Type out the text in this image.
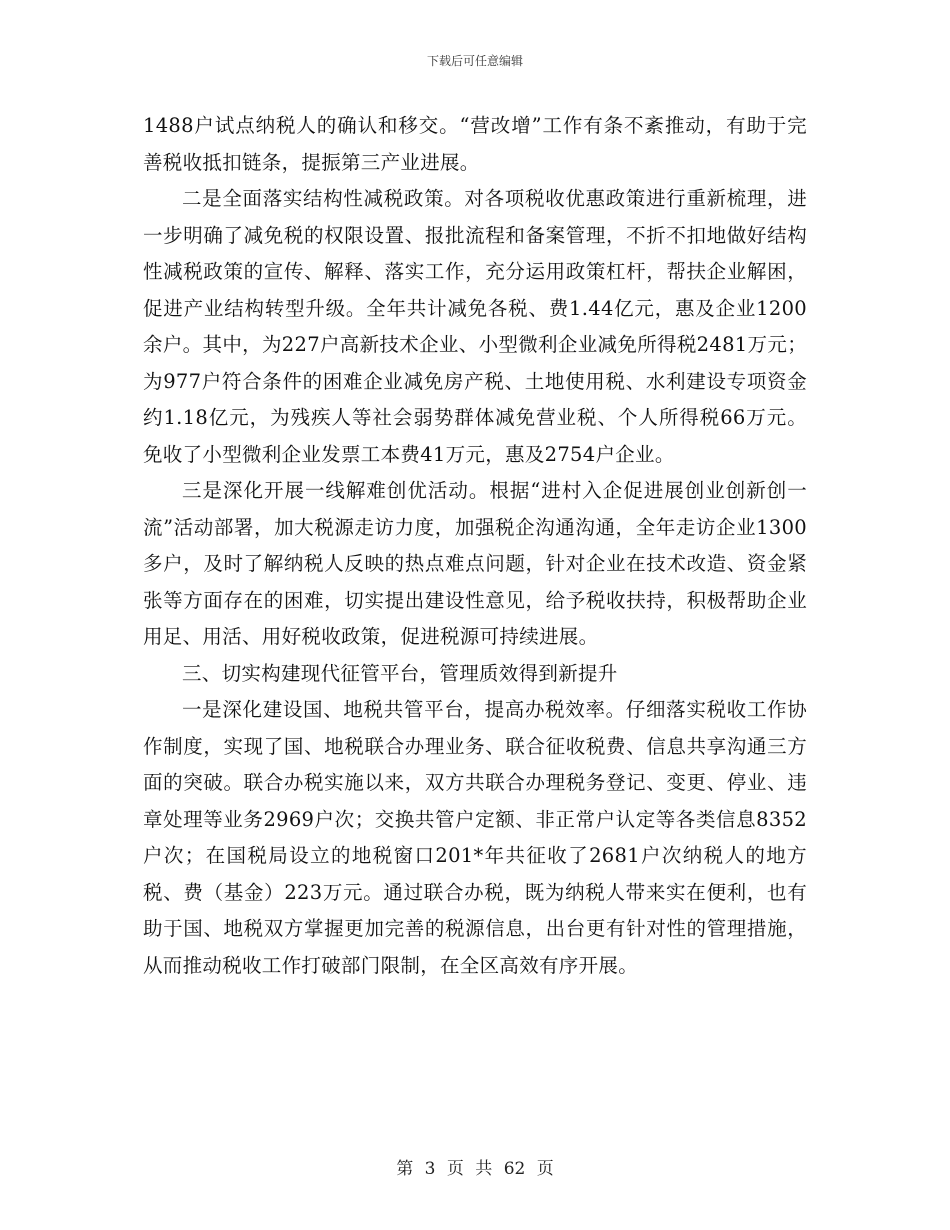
下载后可任意编辑

1488户试点纳税人的确认和移交。“营改增”工作有条不紊推动，有助于完善税收抵扣链条，提振第三产业进展。

二是全面落实结构性减税政策。对各项税收优惠政策进行重新梳理，进一步明确了减免税的权限设置、报批流程和备案管理，不折不扣地做好结构性减税政策的宣传、解释、落实工作，充分运用政策杠杆，帮扶企业解困，促进产业结构转型升级。全年共计减免各税、费1.44亿元，惠及企业1200余户。其中，为227户高新技术企业、小型微利企业减免所得税2481万元；为977户符合条件的困难企业减免房产税、土地使用税、水利建设专项资金约1.18亿元，为残疾人等社会弱势群体减免营业税、个人所得税66万元。免收了小型微利企业发票工本费41万元，惠及2754户企业。

三是深化开展一线解难创优活动。根据“进村入企促进展创业创新创一流”活动部署，加大税源走访力度，加强税企沟通沟通，全年走访企业1300多户，及时了解纳税人反映的热点难点问题，针对企业在技术改造、资金紧张等方面存在的困难，切实提出建设性意见，给予税收扶持，积极帮助企业用足、用活、用好税收政策，促进税源可持续进展。

三、切实构建现代征管平台，管理质效得到新提升

一是深化建设国、地税共管平台，提高办税效率。仔细落实税收工作协作制度，实现了国、地税联合办理业务、联合征收税费、信息共享沟通三方面的突破。联合办税实施以来，双方共联合办理税务登记、变更、停业、违章处理等业务2969户次；交换共管户定额、非正常户认定等各类信息8352户次；在国税局设立的地税窗口201*年共征收了2681户次纳税人的地方税、费（基金）223万元。通过联合办税，既为纳税人带来实在便利，也有助于国、地税双方掌握更加完善的税源信息，出台更有针对性的管理措施，从而推动税收工作打破部门限制，在全区高效有序开展。

第 3 页 共 62 页
